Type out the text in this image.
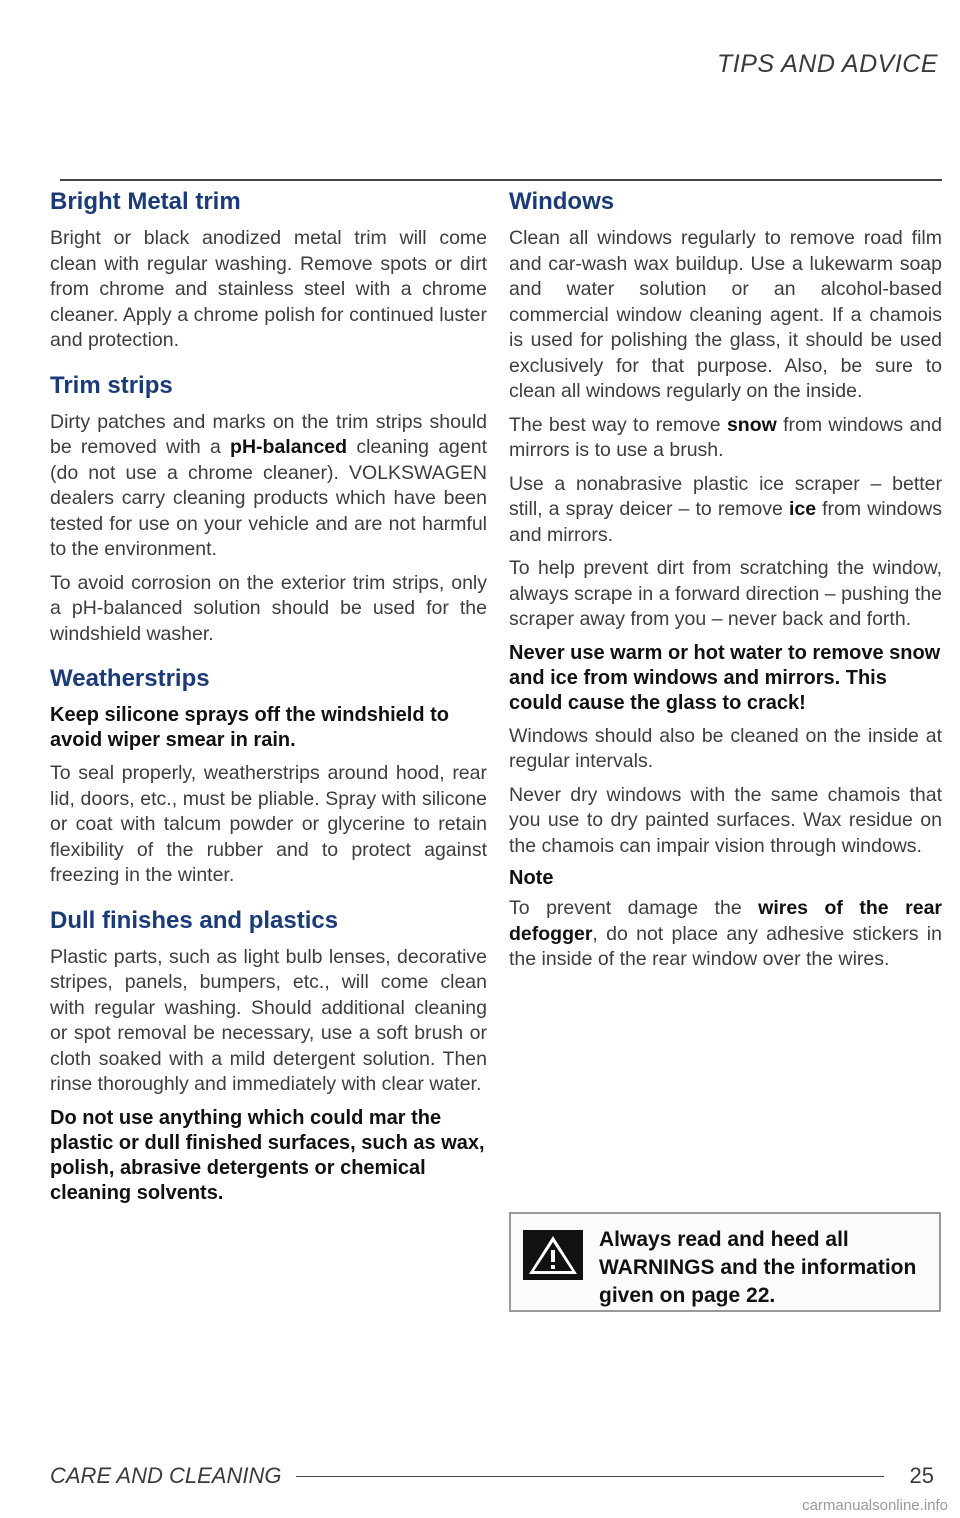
TIPS AND ADVICE
Bright Metal trim

Bright or black anodized metal trim will come clean with regular washing. Remove spots or dirt from chrome and stainless steel with a chrome cleaner. Apply a chrome polish for continued luster and protection.

Trim strips

Dirty patches and marks on the trim strips should be removed with a pH-balanced cleaning agent (do not use a chrome cleaner). VOLKSWAGEN dealers carry cleaning products which have been tested for use on your vehicle and are not harmful to the environment.

To avoid corrosion on the exterior trim strips, only a pH-balanced solution should be used for the windshield washer.

Weatherstrips

Keep silicone sprays off the windshield to avoid wiper smear in rain.

To seal properly, weatherstrips around hood, rear lid, doors, etc., must be pliable. Spray with silicone or coat with talcum powder or glycerine to retain flexibility of the rubber and to protect against freezing in the winter.

Dull finishes and plastics

Plastic parts, such as light bulb lenses, decorative stripes, panels, bumpers, etc., will come clean with regular washing. Should additional cleaning or spot removal be necessary, use a soft brush or cloth soaked with a mild detergent solution. Then rinse thoroughly and immediately with clear water.

Do not use anything which could mar the plastic or dull finished surfaces, such as wax, polish, abrasive detergents or chemical cleaning solvents.

Windows

Clean all windows regularly to remove road film and car-wash wax buildup. Use a lukewarm soap and water solution or an alcohol-based commercial window cleaning agent. If a chamois is used for polishing the glass, it should be used exclusively for that purpose. Also, be sure to clean all windows regularly on the inside.

The best way to remove snow from windows and mirrors is to use a brush.

Use a nonabrasive plastic ice scraper – better still, a spray deicer – to remove ice from windows and mirrors.

To help prevent dirt from scratching the window, always scrape in a forward direction – pushing the scraper away from you – never back and forth.

Never use warm or hot water to remove snow and ice from windows and mirrors. This could cause the glass to crack!

Windows should also be cleaned on the inside at regular intervals.

Never dry windows with the same chamois that you use to dry painted surfaces. Wax residue on the chamois can impair vision through windows.

Note

To prevent damage the wires of the rear defogger, do not place any adhesive stickers in the inside of the rear window over the wires.

Always read and heed all WARNINGS and the information given on page 22.
CARE AND CLEANING	25
carmanualsonline.info
